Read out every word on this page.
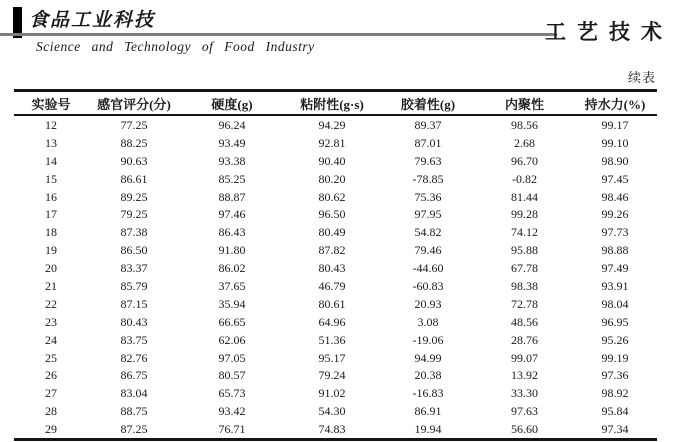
食品工业科技
Science and Technology of Food Industry
工艺技术
续表
实验号	感官评分(分)	硬度(g)	粘附性(g·s)	胶着性(g)	内聚性	持水力(%)
12	77.25	96.24	94.29	89.37	98.56	99.17
13	88.25	93.49	92.81	87.01	2.68	99.10
14	90.63	93.38	90.40	79.63	96.70	98.90
15	86.61	85.25	80.20	-78.85	-0.82	97.45
16	89.25	88.87	80.62	75.36	81.44	98.46
17	79.25	97.46	96.50	97.95	99.28	99.26
18	87.38	86.43	80.49	54.82	74.12	97.73
19	86.50	91.80	87.82	79.46	95.88	98.88
20	83.37	86.02	80.43	-44.60	67.78	97.49
21	85.79	37.65	46.79	-60.83	98.38	93.91
22	87.15	35.94	80.61	20.93	72.78	98.04
23	80.43	66.65	64.96	3.08	48.56	96.95
24	83.75	62.06	51.36	-19.06	28.76	95.26
25	82.76	97.05	95.17	94.99	99.07	99.19
26	86.75	80.57	79.24	20.38	13.92	97.36
27	83.04	65.73	91.02	-16.83	33.30	98.92
28	88.75	93.42	54.30	86.91	97.63	95.84
29	87.25	76.71	74.83	19.94	56.60	97.34
